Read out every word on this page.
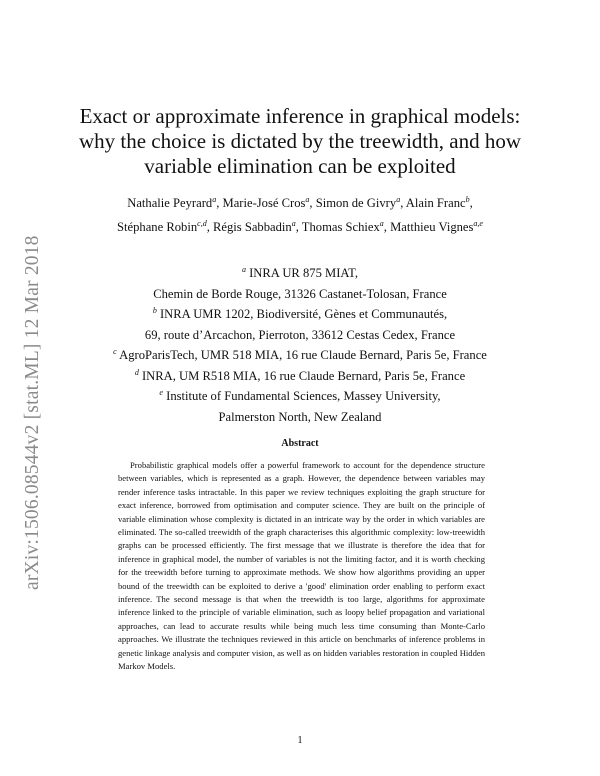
arXiv:1506.08544v2 [stat.ML] 12 Mar 2018
Exact or approximate inference in graphical models:
why the choice is dictated by the treewidth, and how
variable elimination can be exploited
Nathalie Peyrard$^a$, Marie-José Cros$^a$, Simon de Givry$^a$, Alain Franc$^b$,
Stéphane Robin$^{c,d}$, Régis Sabbadin$^a$, Thomas Schiex$^a$, Matthieu Vignes$^{a,e}$
$^a$ INRA UR 875 MIAT,
Chemin de Borde Rouge, 31326 Castanet-Tolosan, France
$^b$ INRA UMR 1202, Biodiversité, Gènes et Communautés,
69, route d’Arcachon, Pierroton, 33612 Cestas Cedex, France
$^c$ AgroParisTech, UMR 518 MIA, 16 rue Claude Bernard, Paris 5e, France
$^d$ INRA, UM R518 MIA, 16 rue Claude Bernard, Paris 5e, France
$^e$ Institute of Fundamental Sciences, Massey University,
Palmerston North, New Zealand
Abstract

Probabilistic graphical models offer a powerful framework to account for the dependence structure between variables, which is represented as a graph. However, the dependence between variables may render inference tasks intractable. In this paper we review techniques exploiting the graph structure for exact inference, borrowed from optimisation and computer science. They are built on the principle of variable elimination whose complexity is dictated in an intricate way by the order in which variables are eliminated. The so-called treewidth of the graph characterises this algorithmic complexity: low-treewidth graphs can be processed efficiently. The first message that we illustrate is therefore the idea that for inference in graphical model, the number of variables is not the limiting factor, and it is worth checking for the treewidth before turning to approximate methods. We show how algorithms providing an upper bound of the treewidth can be exploited to derive a 'good' elimination order enabling to perform exact inference. The second message is that when the treewidth is too large, algorithms for approximate inference linked to the principle of variable elimination, such as loopy belief propagation and variational approaches, can lead to accurate results while being much less time consuming than Monte-Carlo approaches. We illustrate the techniques reviewed in this article on benchmarks of inference problems in genetic linkage analysis and computer vision, as well as on hidden variables restoration in coupled Hidden Markov Models.

1
